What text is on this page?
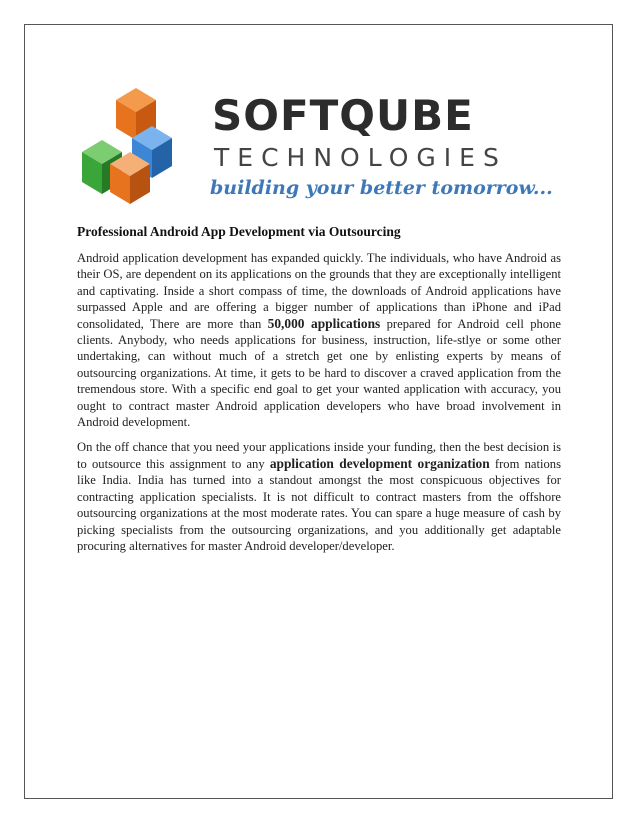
SOFTQUBE
TECHNOLOGIES
building your better tomorrow...
Professional Android App Development via Outsourcing

Android application development has expanded quickly. The individuals, who have Android as their OS, are dependent on its applications on the grounds that they are exceptionally intelligent and captivating. Inside a short compass of time, the downloads of Android applications have surpassed Apple and are offering a bigger number of applications than iPhone and iPad consolidated, There are more than 50,000 applications prepared for Android cell phone clients. Anybody, who needs applications for business, instruction, life-stlye or some other undertaking, can without much of a stretch get one by enlisting experts by means of outsourcing organizations. At time, it gets to be hard to discover a craved application from the tremendous store. With a specific end goal to get your wanted application with accuracy, you ought to contract master Android application developers who have broad involvement in Android development.

On the off chance that you need your applications inside your funding, then the best decision is to outsource this assignment to any application development organization from nations like India. India has turned into a standout amongst the most conspicuous objectives for contracting application specialists. It is not difficult to contract masters from the offshore outsourcing organizations at the most moderate rates. You can spare a huge measure of cash by picking specialists from the outsourcing organizations, and you additionally get adaptable procuring alternatives for master Android developer/developer.
